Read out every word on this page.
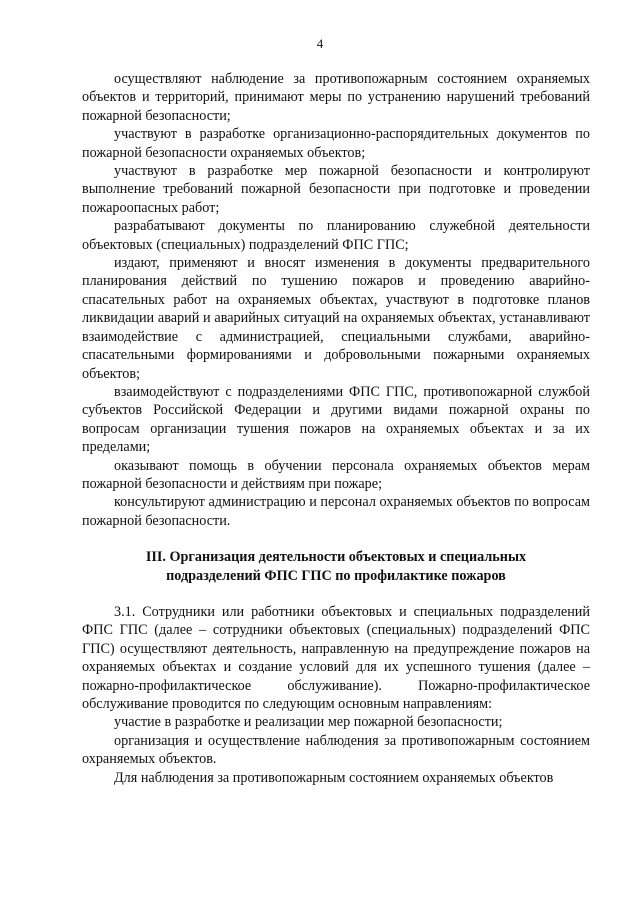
4

осуществляют наблюдение за противопожарным состоянием охраняемых объектов и территорий, принимают меры по устранению нарушений требований пожарной безопасности;

участвуют в разработке организационно-распорядительных документов по пожарной безопасности охраняемых объектов;

участвуют в разработке мер пожарной безопасности и контролируют выполнение требований пожарной безопасности при подготовке и проведении пожароопасных работ;

разрабатывают документы по планированию служебной деятельности объектовых (специальных) подразделений ФПС ГПС;

издают, применяют и вносят изменения в документы предварительного планирования действий по тушению пожаров и проведению аварийно-спасательных работ на охраняемых объектах, участвуют в подготовке планов ликвидации аварий и аварийных ситуаций на охраняемых объектах, устанавливают взаимодействие с администрацией, специальными службами, аварийно-спасательными формированиями и добровольными пожарными охраняемых объектов;

взаимодействуют с подразделениями ФПС ГПС, противопожарной службой субъектов Российской Федерации и другими видами пожарной охраны по вопросам организации тушения пожаров на охраняемых объектах и за их пределами;

оказывают помощь в обучении персонала охраняемых объектов мерам пожарной безопасности и действиям при пожаре;

консультируют администрацию и персонал охраняемых объектов по вопросам пожарной безопасности.

III. Организация деятельности объектовых и специальных
подразделений ФПС ГПС по профилактике пожаров

3.1. Сотрудники или работники объектовых и специальных подразделений ФПС ГПС (далее – сотрудники объектовых (специальных) подразделений ФПС ГПС) осуществляют деятельность, направленную на предупреждение пожаров на охраняемых объектах и создание условий для их успешного тушения (далее – пожарно-профилактическое обслуживание). Пожарно-профилактическое обслуживание проводится по следующим основным направлениям:

участие в разработке и реализации мер пожарной безопасности;

организация и осуществление наблюдения за противопожарным состоянием охраняемых объектов.

Для наблюдения за противопожарным состоянием охраняемых объектов
